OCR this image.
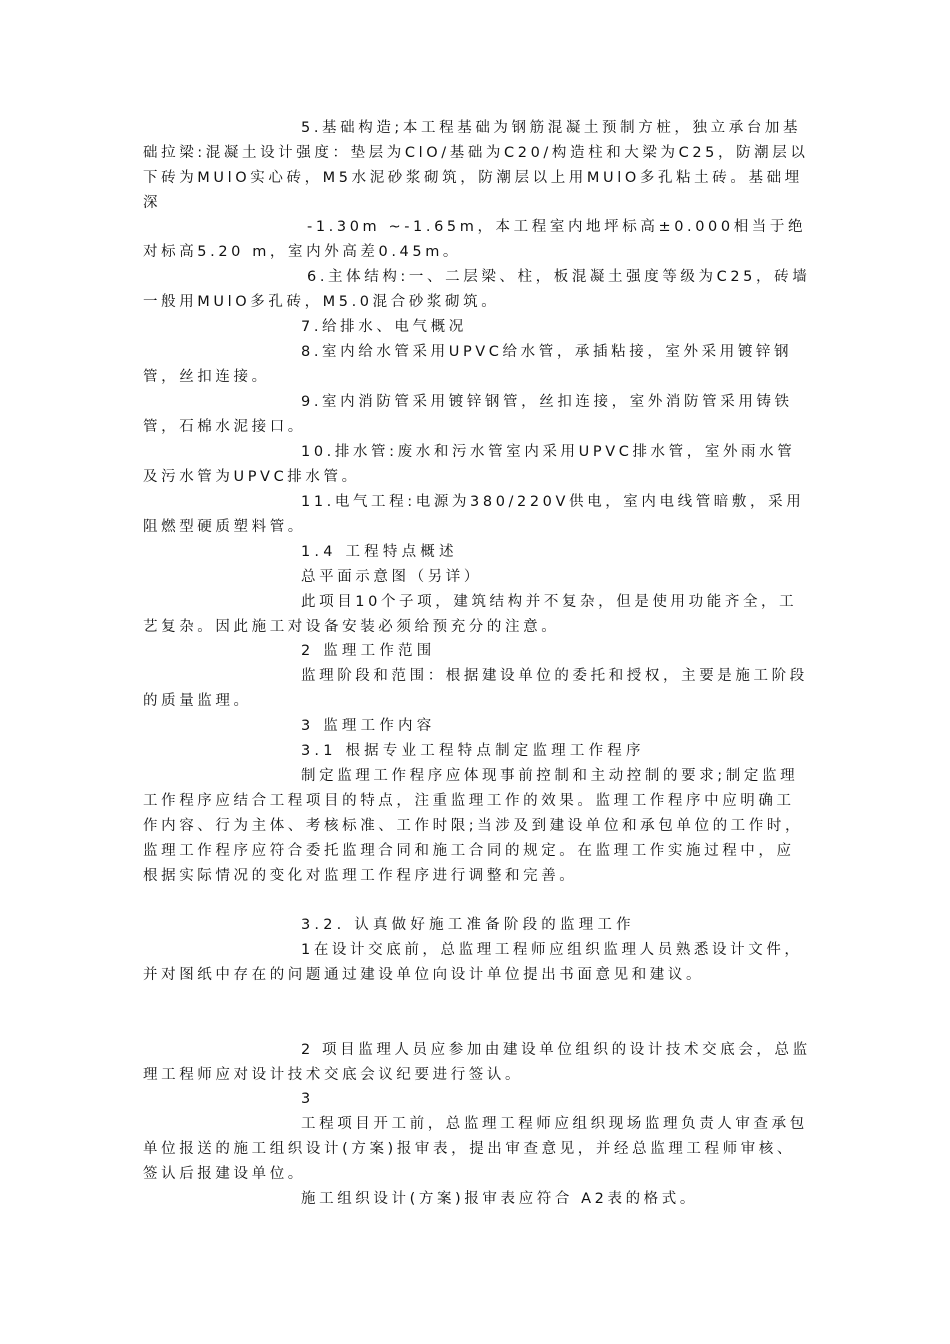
5.基础构造;本工程基础为钢筋混凝土预制方桩，独立承台加基础拉梁:混凝土设计强度：垫层为ClO/基础为C20/构造柱和大梁为C25，防潮层以下砖为MUlO实心砖，M5水泥砂浆砌筑，防潮层以上用MUlO多孔粘土砖。基础埋深

-1.30m ~-1.65m，本工程室内地坪标高±0.000相当于绝对标高5.20 m，室内外高差0.45m。

6.主体结构:一、二层梁、柱，板混凝土强度等级为C25，砖墙一般用MUlO多孔砖，M5.0混合砂浆砌筑。

7.给排水、电气概况

8.室内给水管采用UPVC给水管，承插粘接，室外采用镀锌钢管，丝扣连接。

9.室内消防管采用镀锌钢管，丝扣连接，室外消防管采用铸铁管，石棉水泥接口。

10.排水管:废水和污水管室内采用UPVC排水管，室外雨水管及污水管为UPVC排水管。

11.电气工程:电源为380/220V供电，室内电线管暗敷，采用阻燃型硬质塑料管。

1.4 工程特点概述

总平面示意图（另详）

此项目10个子项，建筑结构并不复杂，但是使用功能齐全，工艺复杂。因此施工对设备安装必须给预充分的注意。

2 监理工作范围

监理阶段和范围：根据建设单位的委托和授权，主要是施工阶段的质量监理。

3 监理工作内容

3.1 根据专业工程特点制定监理工作程序

制定监理工作程序应体现事前控制和主动控制的要求;制定监理工作程序应结合工程项目的特点，注重监理工作的效果。监理工作程序中应明确工作内容、行为主体、考核标准、工作时限;当涉及到建设单位和承包单位的工作时，监理工作程序应符合委托监理合同和施工合同的规定。在监理工作实施过程中，应根据实际情况的变化对监理工作程序进行调整和完善。

3.2. 认真做好施工准备阶段的监理工作

1在设计交底前，总监理工程师应组织监理人员熟悉设计文件，并对图纸中存在的问题通过建设单位向设计单位提出书面意见和建议。

2 项目监理人员应参加由建设单位组织的设计技术交底会，总监理工程师应对设计技术交底会议纪要进行签认。

3

工程项目开工前，总监理工程师应组织现场监理负责人审查承包单位报送的施工组织设计(方案)报审表，提出审查意见，并经总监理工程师审核、签认后报建设单位。

施工组织设计(方案)报审表应符合 A2表的格式。
